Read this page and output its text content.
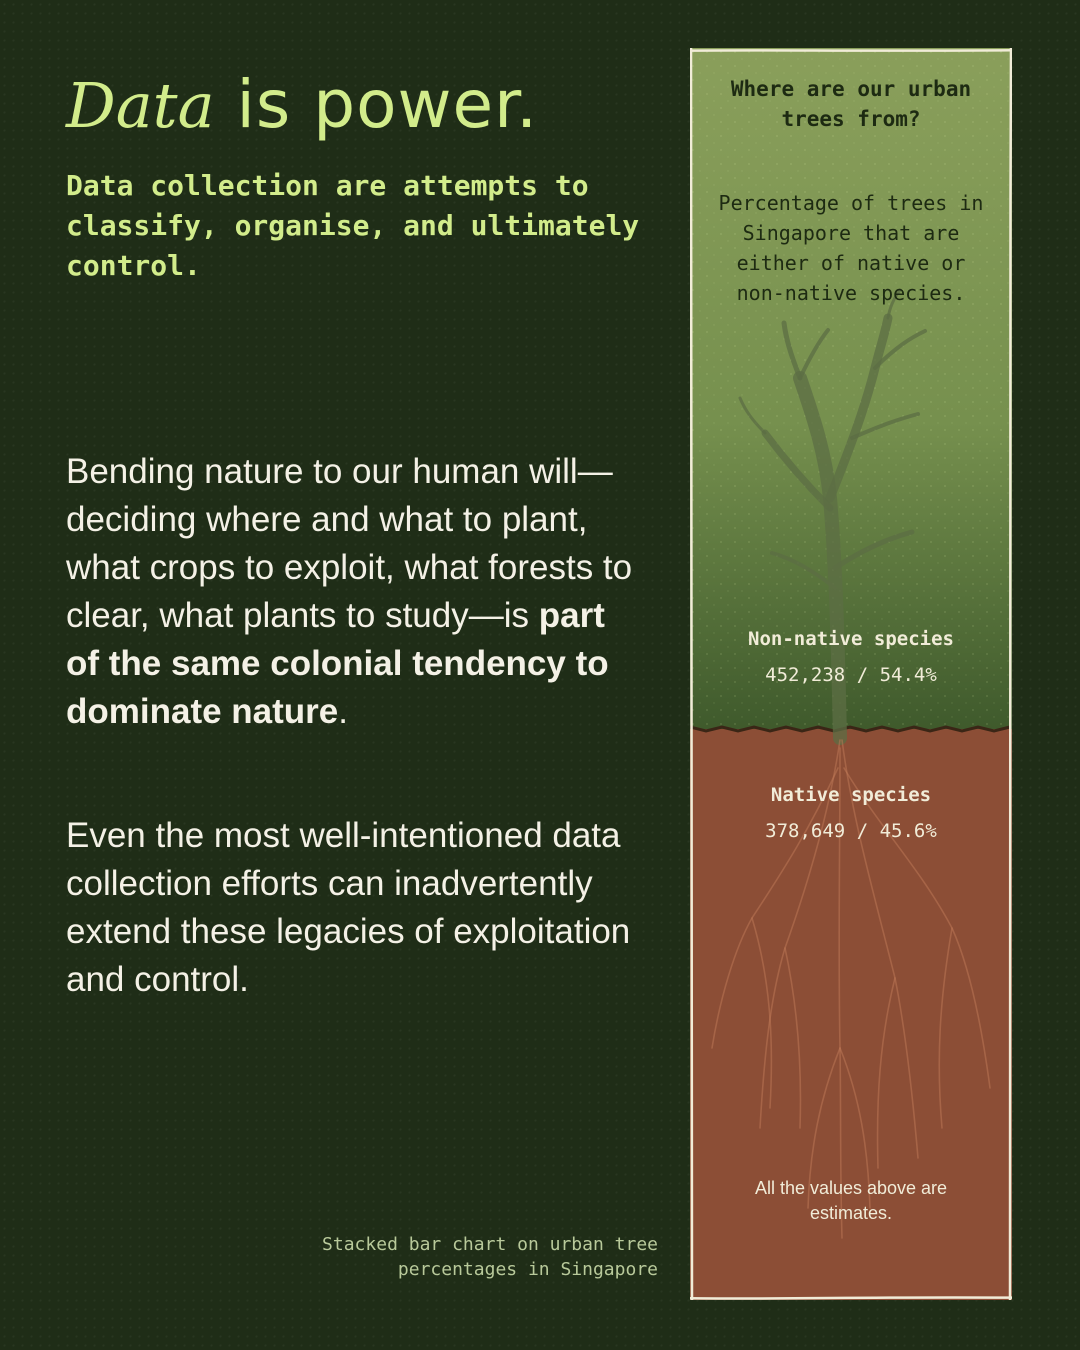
Data is power.

Data collection are attempts to classify, organise, and ultimately control.

Bending nature to our human will—deciding where and what to plant, what crops to exploit, what forests to clear, what plants to study—is part of the same colonial tendency to dominate nature.

Even the most well-intentioned data collection efforts can inadvertently extend these legacies of exploitation and control.

Stacked bar chart on urban tree
percentages in Singapore

Where are our urban trees from?

Percentage of trees in Singapore that are either of native or non-native species.

Non-native species

452,238 / 54.4%

Native species

378,649 / 45.6%

All the values above are estimates.
